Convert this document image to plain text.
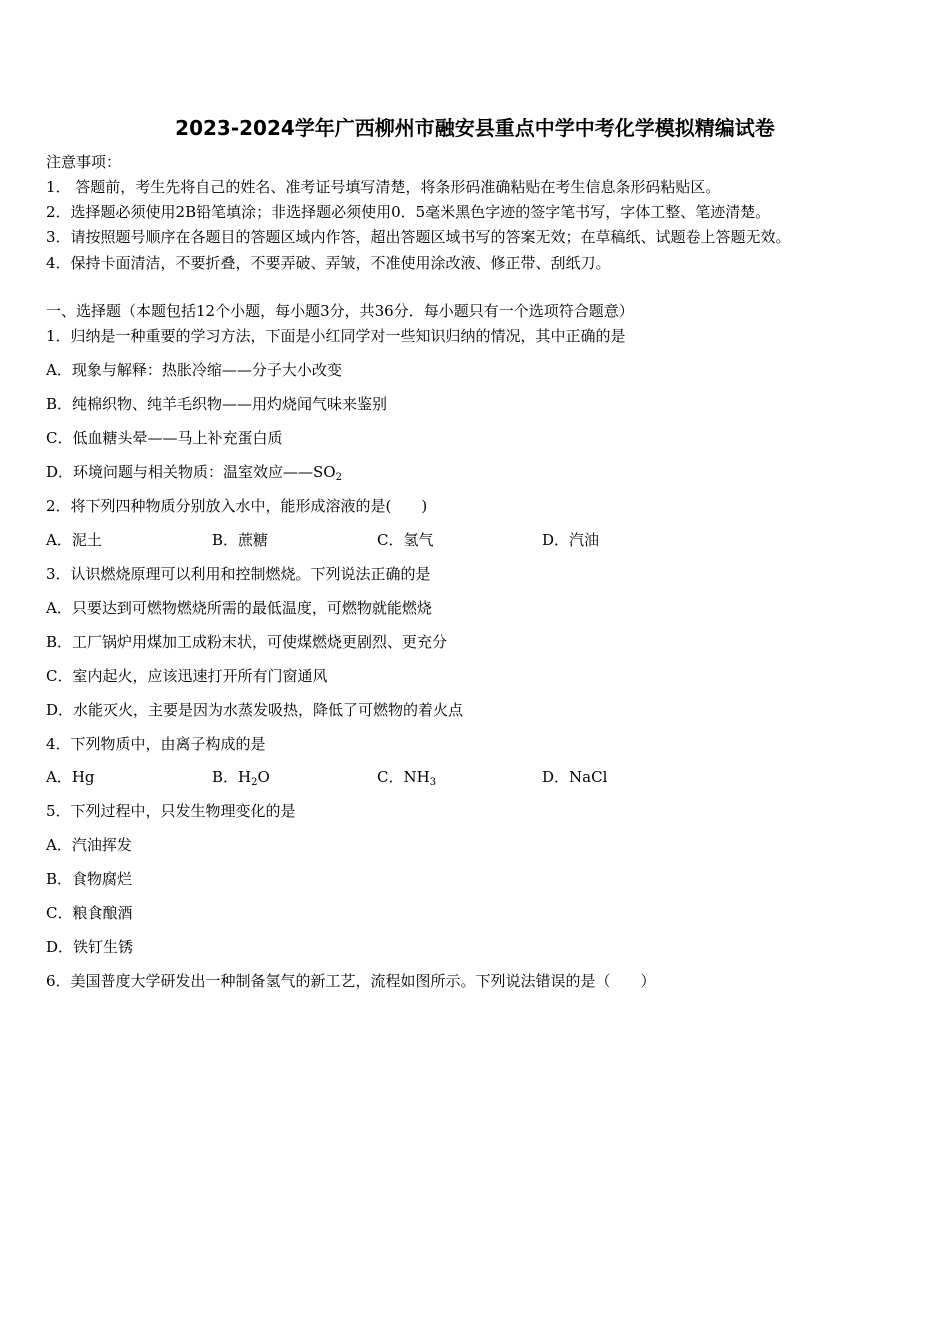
2023-2024学年广西柳州市融安县重点中学中考化学模拟精编试卷
注意事项：
1． 答题前，考生先将自己的姓名、准考证号填写清楚，将条形码准确粘贴在考生信息条形码粘贴区。
2．选择题必须使用2B铅笔填涂；非选择题必须使用0．5毫米黑色字迹的签字笔书写，字体工整、笔迹清楚。
3．请按照题号顺序在各题目的答题区域内作答，超出答题区域书写的答案无效；在草稿纸、试题卷上答题无效。
4．保持卡面清洁，不要折叠，不要弄破、弄皱，不准使用涂改液、修正带、刮纸刀。
一、选择题（本题包括12个小题，每小题3分，共36分．每小题只有一个选项符合题意）
1．归纳是一种重要的学习方法，下面是小红同学对一些知识归纳的情况，其中正确的是
A．现象与解释：热胀冷缩——分子大小改变
B．纯棉织物、纯羊毛织物——用灼烧闻气味来鉴别
C．低血糖头晕——马上补充蛋白质
D．环境问题与相关物质：温室效应$——SO_2$
2．将下列四种物质分别放入水中，能形成溶液的是(　　)
A．泥土	B．蔗糖	C．氢气	D．汽油
3．认识燃烧原理可以利用和控制燃烧。下列说法正确的是
A．只要达到可燃物燃烧所需的最低温度，可燃物就能燃烧
B．工厂锅炉用煤加工成粉末状，可使煤燃烧更剧烈、更充分
C．室内起火，应该迅速打开所有门窗通风
D．水能灭火，主要是因为水蒸发吸热，降低了可燃物的着火点
4．下列物质中，由离子构成的是
A．Hg	B．$H_2O$	C．$NH_3$	D．NaCl
5．下列过程中，只发生物理变化的是
A．汽油挥发
B．食物腐烂
C．粮食酿酒
D．铁钉生锈
6．美国普度大学研发出一种制备氢气的新工艺，流程如图所示。下列说法错误的是（　　）
